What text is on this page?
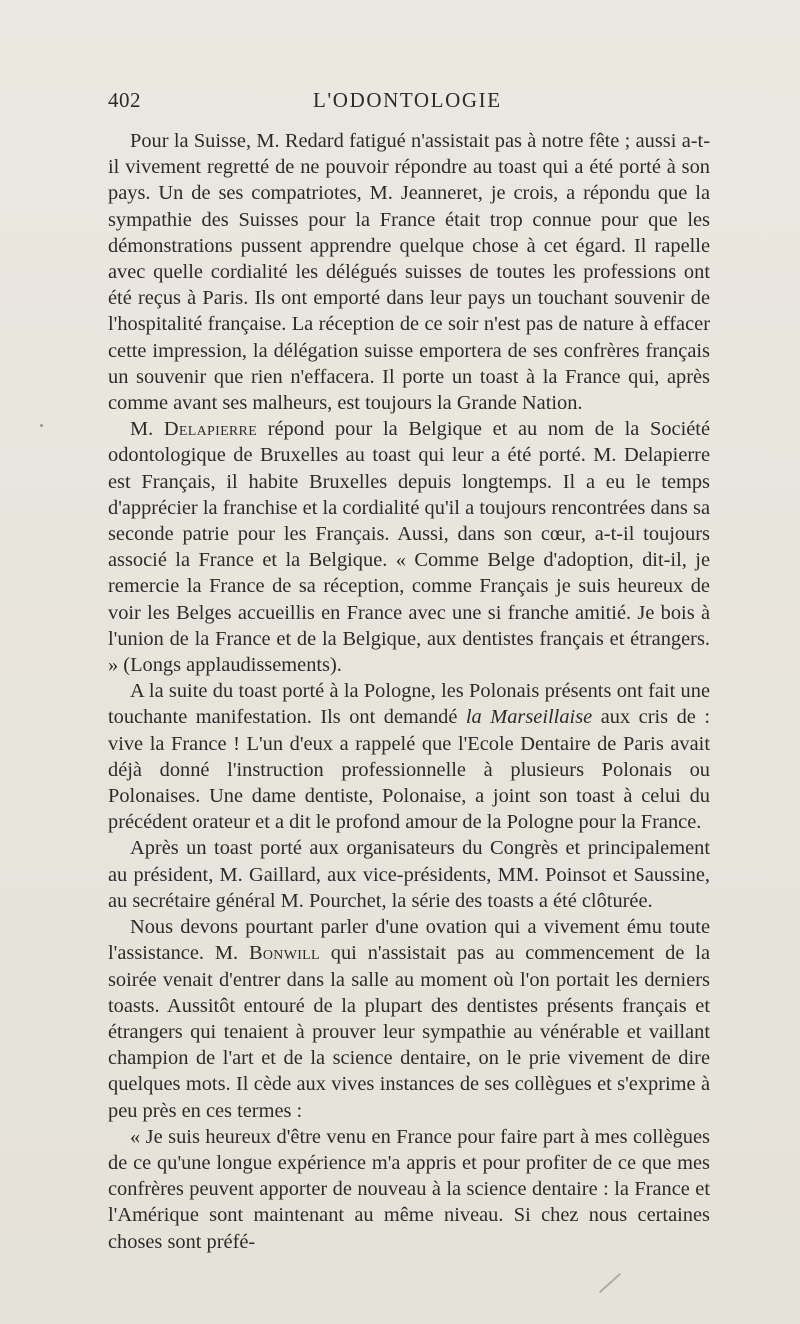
402	L'ODONTOLOGIE

Pour la Suisse, M. Redard fatigué n'assistait pas à notre fête ; aussi a-t-il vivement regretté de ne pouvoir répondre au toast qui a été porté à son pays. Un de ses compatriotes, M. Jeanneret, je crois, a répondu que la sympathie des Suisses pour la France était trop connue pour que les démonstrations pussent apprendre quelque chose à cet égard. Il rapelle avec quelle cordialité les délégués suisses de toutes les professions ont été reçus à Paris. Ils ont emporté dans leur pays un touchant souvenir de l'hospitalité française. La réception de ce soir n'est pas de nature à effacer cette impression, la délégation suisse emportera de ses confrères français un souvenir que rien n'effacera. Il porte un toast à la France qui, après comme avant ses malheurs, est toujours la Grande Nation.

M. Delapierre répond pour la Belgique et au nom de la Société odontologique de Bruxelles au toast qui leur a été porté. M. Delapierre est Français, il habite Bruxelles depuis longtemps. Il a eu le temps d'apprécier la franchise et la cordialité qu'il a toujours rencontrées dans sa seconde patrie pour les Français. Aussi, dans son cœur, a-t-il toujours associé la France et la Belgique. « Comme Belge d'adoption, dit-il, je remercie la France de sa réception, comme Français je suis heureux de voir les Belges accueillis en France avec une si franche amitié. Je bois à l'union de la France et de la Belgique, aux dentistes français et étrangers. » (Longs applaudissements).

A la suite du toast porté à la Pologne, les Polonais présents ont fait une touchante manifestation. Ils ont demandé la Marseillaise aux cris de : vive la France ! L'un d'eux a rappelé que l'Ecole Dentaire de Paris avait déjà donné l'instruction professionnelle à plusieurs Polonais ou Polonaises. Une dame dentiste, Polonaise, a joint son toast à celui du précédent orateur et a dit le profond amour de la Pologne pour la France.

Après un toast porté aux organisateurs du Congrès et principalement au président, M. Gaillard, aux vice-présidents, MM. Poinsot et Saussine, au secrétaire général M. Pourchet, la série des toasts a été clôturée.

Nous devons pourtant parler d'une ovation qui a vivement ému toute l'assistance. M. Bonwill qui n'assistait pas au commencement de la soirée venait d'entrer dans la salle au moment où l'on portait les derniers toasts. Aussitôt entouré de la plupart des dentistes présents français et étrangers qui tenaient à prouver leur sympathie au vénérable et vaillant champion de l'art et de la science dentaire, on le prie vivement de dire quelques mots. Il cède aux vives instances de ses collègues et s'exprime à peu près en ces termes :

« Je suis heureux d'être venu en France pour faire part à mes collègues de ce qu'une longue expérience m'a appris et pour profiter de ce que mes confrères peuvent apporter de nouveau à la science dentaire : la France et l'Amérique sont maintenant au même niveau. Si chez nous certaines choses sont préfé-
